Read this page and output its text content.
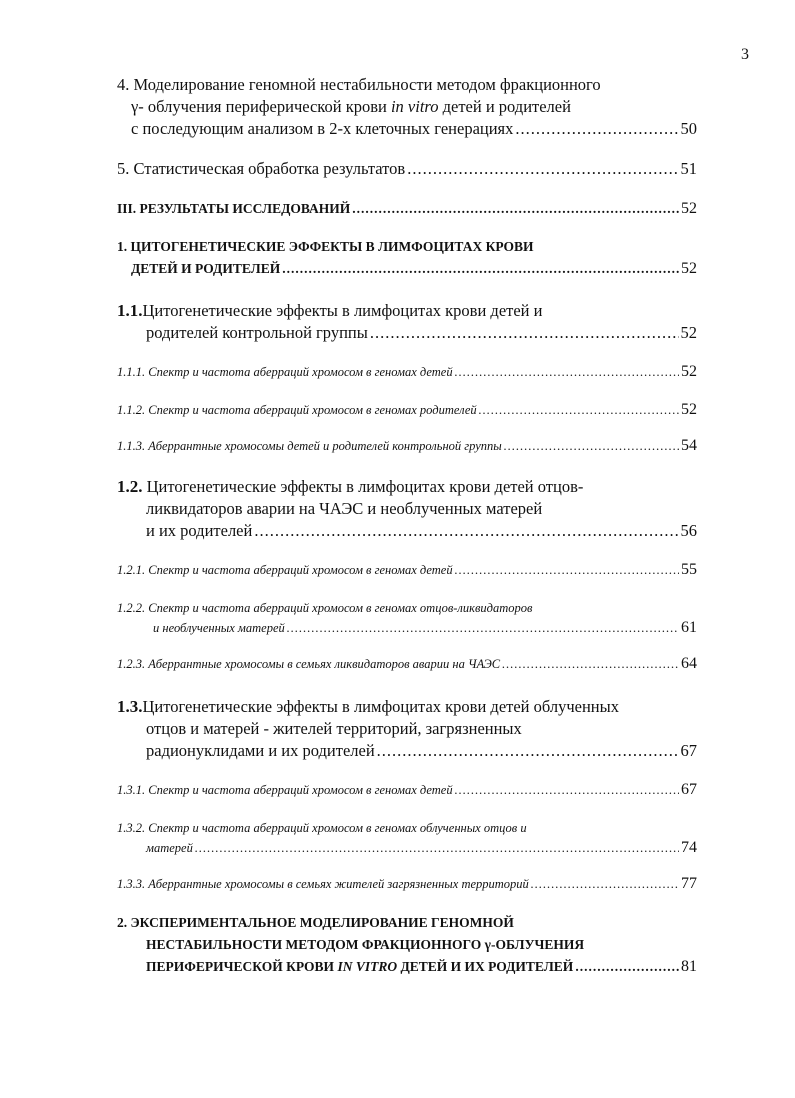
3
4. Моделирование геномной нестабильности методом фракционного
γ- облучения периферической крови in vitro детей и родителей
с последующим анализом в 2-х клеточных генерациях .....	50
5. Статистическая обработка результатов .....	51
III. РЕЗУЛЬТАТЫ ИССЛЕДОВАНИЙ .....	52
1. ЦИТОГЕНЕТИЧЕСКИЕ ЭФФЕКТЫ В ЛИМФОЦИТАХ КРОВИ
ДЕТЕЙ И РОДИТЕЛЕЙ .....	52
1.1.Цитогенетические эффекты в лимфоцитах крови детей и
родителей контрольной группы .....	52
1.1.1. Спектр и частота аберраций хромосом в геномах детей .....	52
1.1.2. Спектр и частота аберраций хромосом в геномах родителей .....	52
1.1.3. Аберрантные хромосомы детей и родителей контрольной группы .....	54
1.2. Цитогенетические эффекты в лимфоцитах крови детей отцов-
ликвидаторов аварии на ЧАЭС и необлученных матерей
и их родителей .....	56
1.2.1. Спектр и частота аберраций хромосом в геномах детей .....	55
1.2.2. Спектр и частота аберраций хромосом в геномах отцов-ликвидаторов
и необлученных матерей .....	61
1.2.3. Аберрантные хромосомы в семьях ликвидаторов аварии на ЧАЭС .....	64
1.3.Цитогенетические эффекты в лимфоцитах крови детей облученных
отцов и матерей - жителей территорий, загрязненных
радионуклидами и их родителей .....	67
1.3.1. Спектр и частота аберраций хромосом в геномах детей .....	67
1.3.2. Спектр и частота аберраций хромосом в геномах облученных отцов и
матерей .....	74
1.3.3. Аберрантные хромосомы в семьях жителей загрязненных территорий .....	77
2. ЭКСПЕРИМЕНТАЛЬНОЕ МОДЕЛИРОВАНИЕ ГЕНОМНОЙ
НЕСТАБИЛЬНОСТИ МЕТОДОМ ФРАКЦИОННОГО γ-ОБЛУЧЕНИЯ
ПЕРИФЕРИЧЕСКОЙ КРОВИ IN VITRO ДЕТЕЙ И ИХ РОДИТЕЛЕЙ .....	81
